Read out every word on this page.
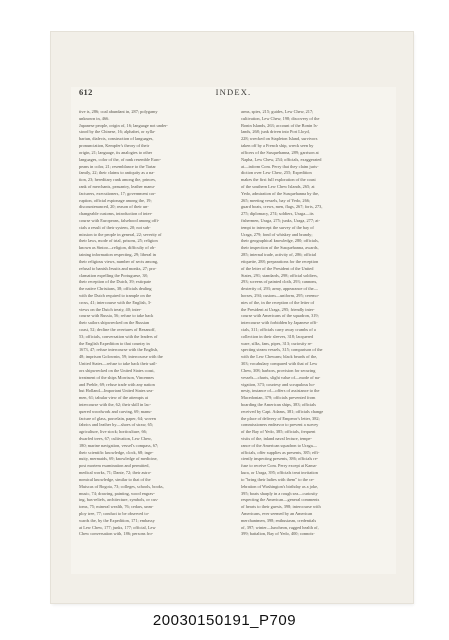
612	INDEX.

tive is, 286; coal abundant in, 287; polygamy

unknown in, 466.

Japanese people, origin of, 16; language not under-

stood by the Chinese, 16; alphabet, or sylla-

bariun, dialects, construction of languages,

pronunciation, Kempfer's theory of their

origin, 21; language, its analogies to other

languages, color of the, of rank resemble Euro-

peans in color, 21; resemblance to the Tartar

family, 22; their claims to antiquity as a na-

tion, 23; hereditary rank among the, princes,

rank of merchants, peasantry, leather manu-

facturers, executioners, 17; government cor-

ruption, official espionage among the, 19;

discountenanced, 20; reason of their un-

changeable customs, introduction of inter-

course with Europeans, falsehood among offi-

cials a result of their system, 20; not sub-

mission to the people in general, 22; severity of

their laws, mode of trial, prisons, 25; religion

known as Sintoo—religion, difficulty of ob-

taining information respecting, 29; liberal in

their religious views, number of sects among,

refusal to banish Jesuits and monks, 27; pro-

clamation expelling the Portuguese, 38;

their reception of the Dutch, 39; extirpate

the native Christians, 38; officials dealing

with the Dutch required to trample on the

cross, 41; intercourse with the English, 3-

views on the Dutch treaty, 40; inter-

course with Russia, 56; refuse to take back

their sailors shipwrecked on the Russian

coast, 52; decline the overtures of Rezanoff,

53; officials, conversation with the leaders of

the English Expedition to that country in

1673, 47; refuse intercourse with the English,

48; imprison Golownin, 59; intercourse with the

United States—refuse to take back their sail-

ors shipwrecked on the United States coast,

treatment of the ships Morrison, Vincennes

and Preble, 69; refuse trade with any nation

but Holland—Important United States sea-

men, 61; tabular view of the attempts at

intercourse with the, 62; their skill in lac-

quered woodwork and carving, 69; manu-

facture of glass, porcelain, paper, 64; woven

fabrics and leather by—shoes of straw, 65;

agriculture, live stock; horticulture, 66;

dwarfed trees, 67; cultivation, Lew Chew,

180; marine navigation, vessel's compass, 67;

their scientific knowledge, clock, 68; inge-

nuity, mermaids, 69; knowledge of medicine,

post mortem examination and permitted,

medical works, 71; Dante, 72; their astro-

nomical knowledge, similar to that of the

Muiscas of Bogota, 73; colleges, schools, books,

music, 74; drawing, painting, wood engrav-

ing, bas-reliefs, architecture, symbols, or cus-

toms, 75; mineral wealth, 76; cedars, unm-

ploy tree, 77; conduct to be observed to-

wards the, by the Expedition, 171; embassy

at Lew Chew, 177; junks, 177; official, Lew

Chew conversation with, 186; persons fro-

arms, spies, 215; guides, Lew Chew, 217;

cultivation, Lew Chew, 198; discovery of the

Bonin Islands, 263; account of the Bonin Is-

lands, 268; junk driven into Port Lloyd,

228; wrecked on Stapleton Island, survivors

taken off by a French ship, wreck seen by

officers of the Susquehanna, 289; garrison at

Napha, Lew Chew, 254; officials, exaggerated

at—inform Com. Perry that they claim juris-

diction over Lew Chew, 255; Expedition

makes the first full exploration of the coast

of the southern Lew Chew Islands, 265; at

Yedo, admiration of the Susquehanna by the,

265; meeting vessels, bay of Yedo, 266;

guard boats, crews, men, flags, 267; forts, 273,

275; diplomacy, 274; soldiers, Uraga—its

fishermen, Uraga, 275; junks, Uraga, 277; at-

tempt to intercept the survey of the bay of

Uraga, 279; fond of whiskey and brandy;

their geographical knowledge, 280; officials,

their inspection of the Susquehanna, awards,

285; internal trade, activity of, 286; official

etiquette, 288; preparations for the reception

of the letter of the President of the United

States, 291; standards, 298; official soldiers,

293; screens of painted cloth, 293; cannons,

dexterity of, 293; army, appearance of the—

horses, 294; custom—uniform, 295; ceremo-

nies of the, in the reception of the letter of

the President at Uraga, 295; friendly inter-

course with Americans of the squadron, 319;

intercourse with forbidden by Japanese offi-

cials, 311; officials carry away crumbs of a

collection in their sleeves, 318; lacquered

ware, silks, fans, pipes, 313; curiosity re-

specting steam vessels, 315; comparison of the

with the Lew Chewans; black beards of the,

303; vocabulary compared with that of Lew

Chew, 308; harbors, provision for securing

vessels—charts, slight value of—mode of na-

vigation, 373; courtesy and scrupulous ho-

nesty, instance of—offers of assistance to the

Macedonian, 379; officials prevented from

boarding the American ships, 383; officials

received by Capt. Adams, 381; officials change

the place of delivery of Emperor's letter, 382;

commissioners endeavor to prevent a survey

of the Bay of Yedo, 385; officials, frequent

visits of the, inland naval lecture, tempe-

rance of the American squadron to Uraga—

officials, offer supplies as presents, 385; effi-

ciently inspecting presents, 386; officials re-

fuse to receive Com. Perry except at Kama-

kura, or Uraga, 395; officials treat invitation

to "bring their ladies with them" to the ce-

lebration of Washington's birthday as a joke,

395; boats sharply in a rough sea—curiosity

respecting the American—general comments

of hearts to their guests, 398; intercourse with

Americans, ever seemed by an American

merchantmen, 398; enthusiasm, credentials

of, 397; winter—luncheon, rugged health of,

399; battalion, Bay of Yedo, 400; connois-

20030150191_P709
